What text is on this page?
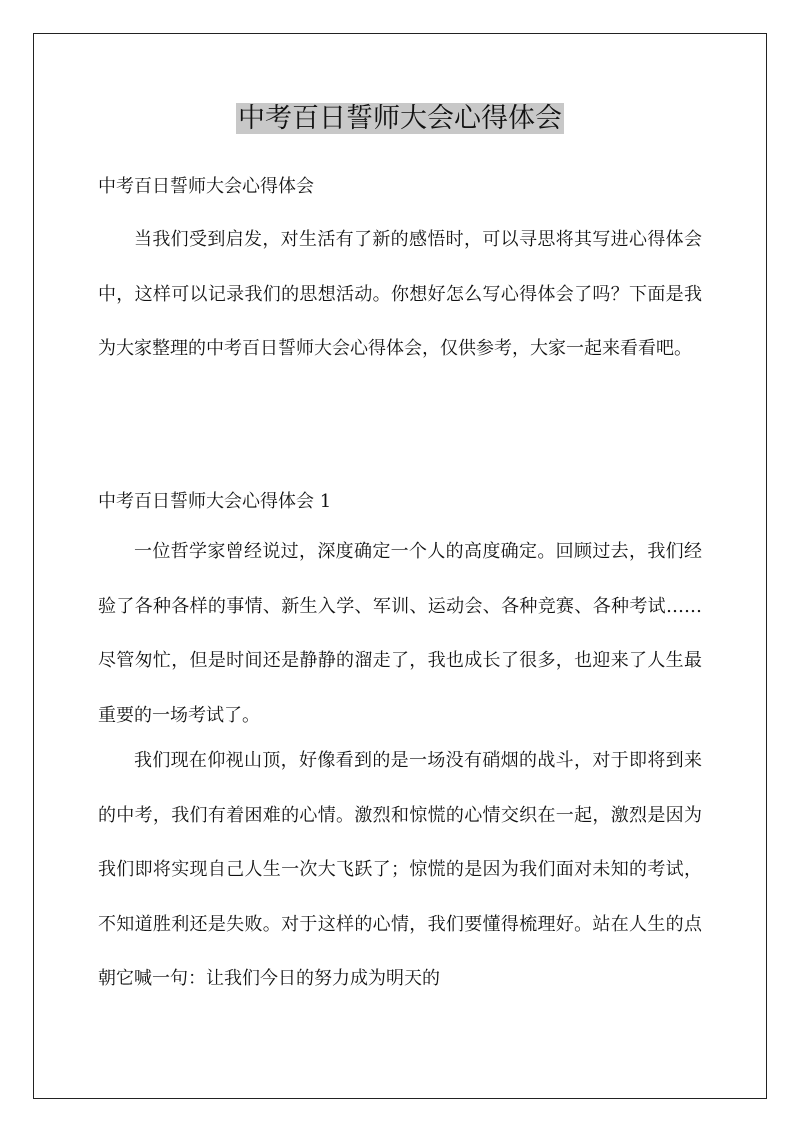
中考百日誓师大会心得体会

中考百日誓师大会心得体会

当我们受到启发，对生活有了新的感悟时，可以寻思将其写进心得体会中，这样可以记录我们的思想活动。你想好怎么写心得体会了吗？下面是我为大家整理的中考百日誓师大会心得体会，仅供参考，大家一起来看看吧。

中考百日誓师大会心得体会 1

一位哲学家曾经说过，深度确定一个人的高度确定。回顾过去，我们经验了各种各样的事情、新生入学、军训、运动会、各种竞赛、各种考试……尽管匆忙，但是时间还是静静的溜走了，我也成长了很多，也迎来了人生最重要的一场考试了。

我们现在仰视山顶，好像看到的是一场没有硝烟的战斗，对于即将到来的中考，我们有着困难的心情。激烈和惊慌的心情交织在一起，激烈是因为我们即将实现自己人生一次大飞跃了；惊慌的是因为我们面对未知的考试，不知道胜利还是失败。对于这样的心情，我们要懂得梳理好。站在人生的点朝它喊一句：让我们今日的努力成为明天的
